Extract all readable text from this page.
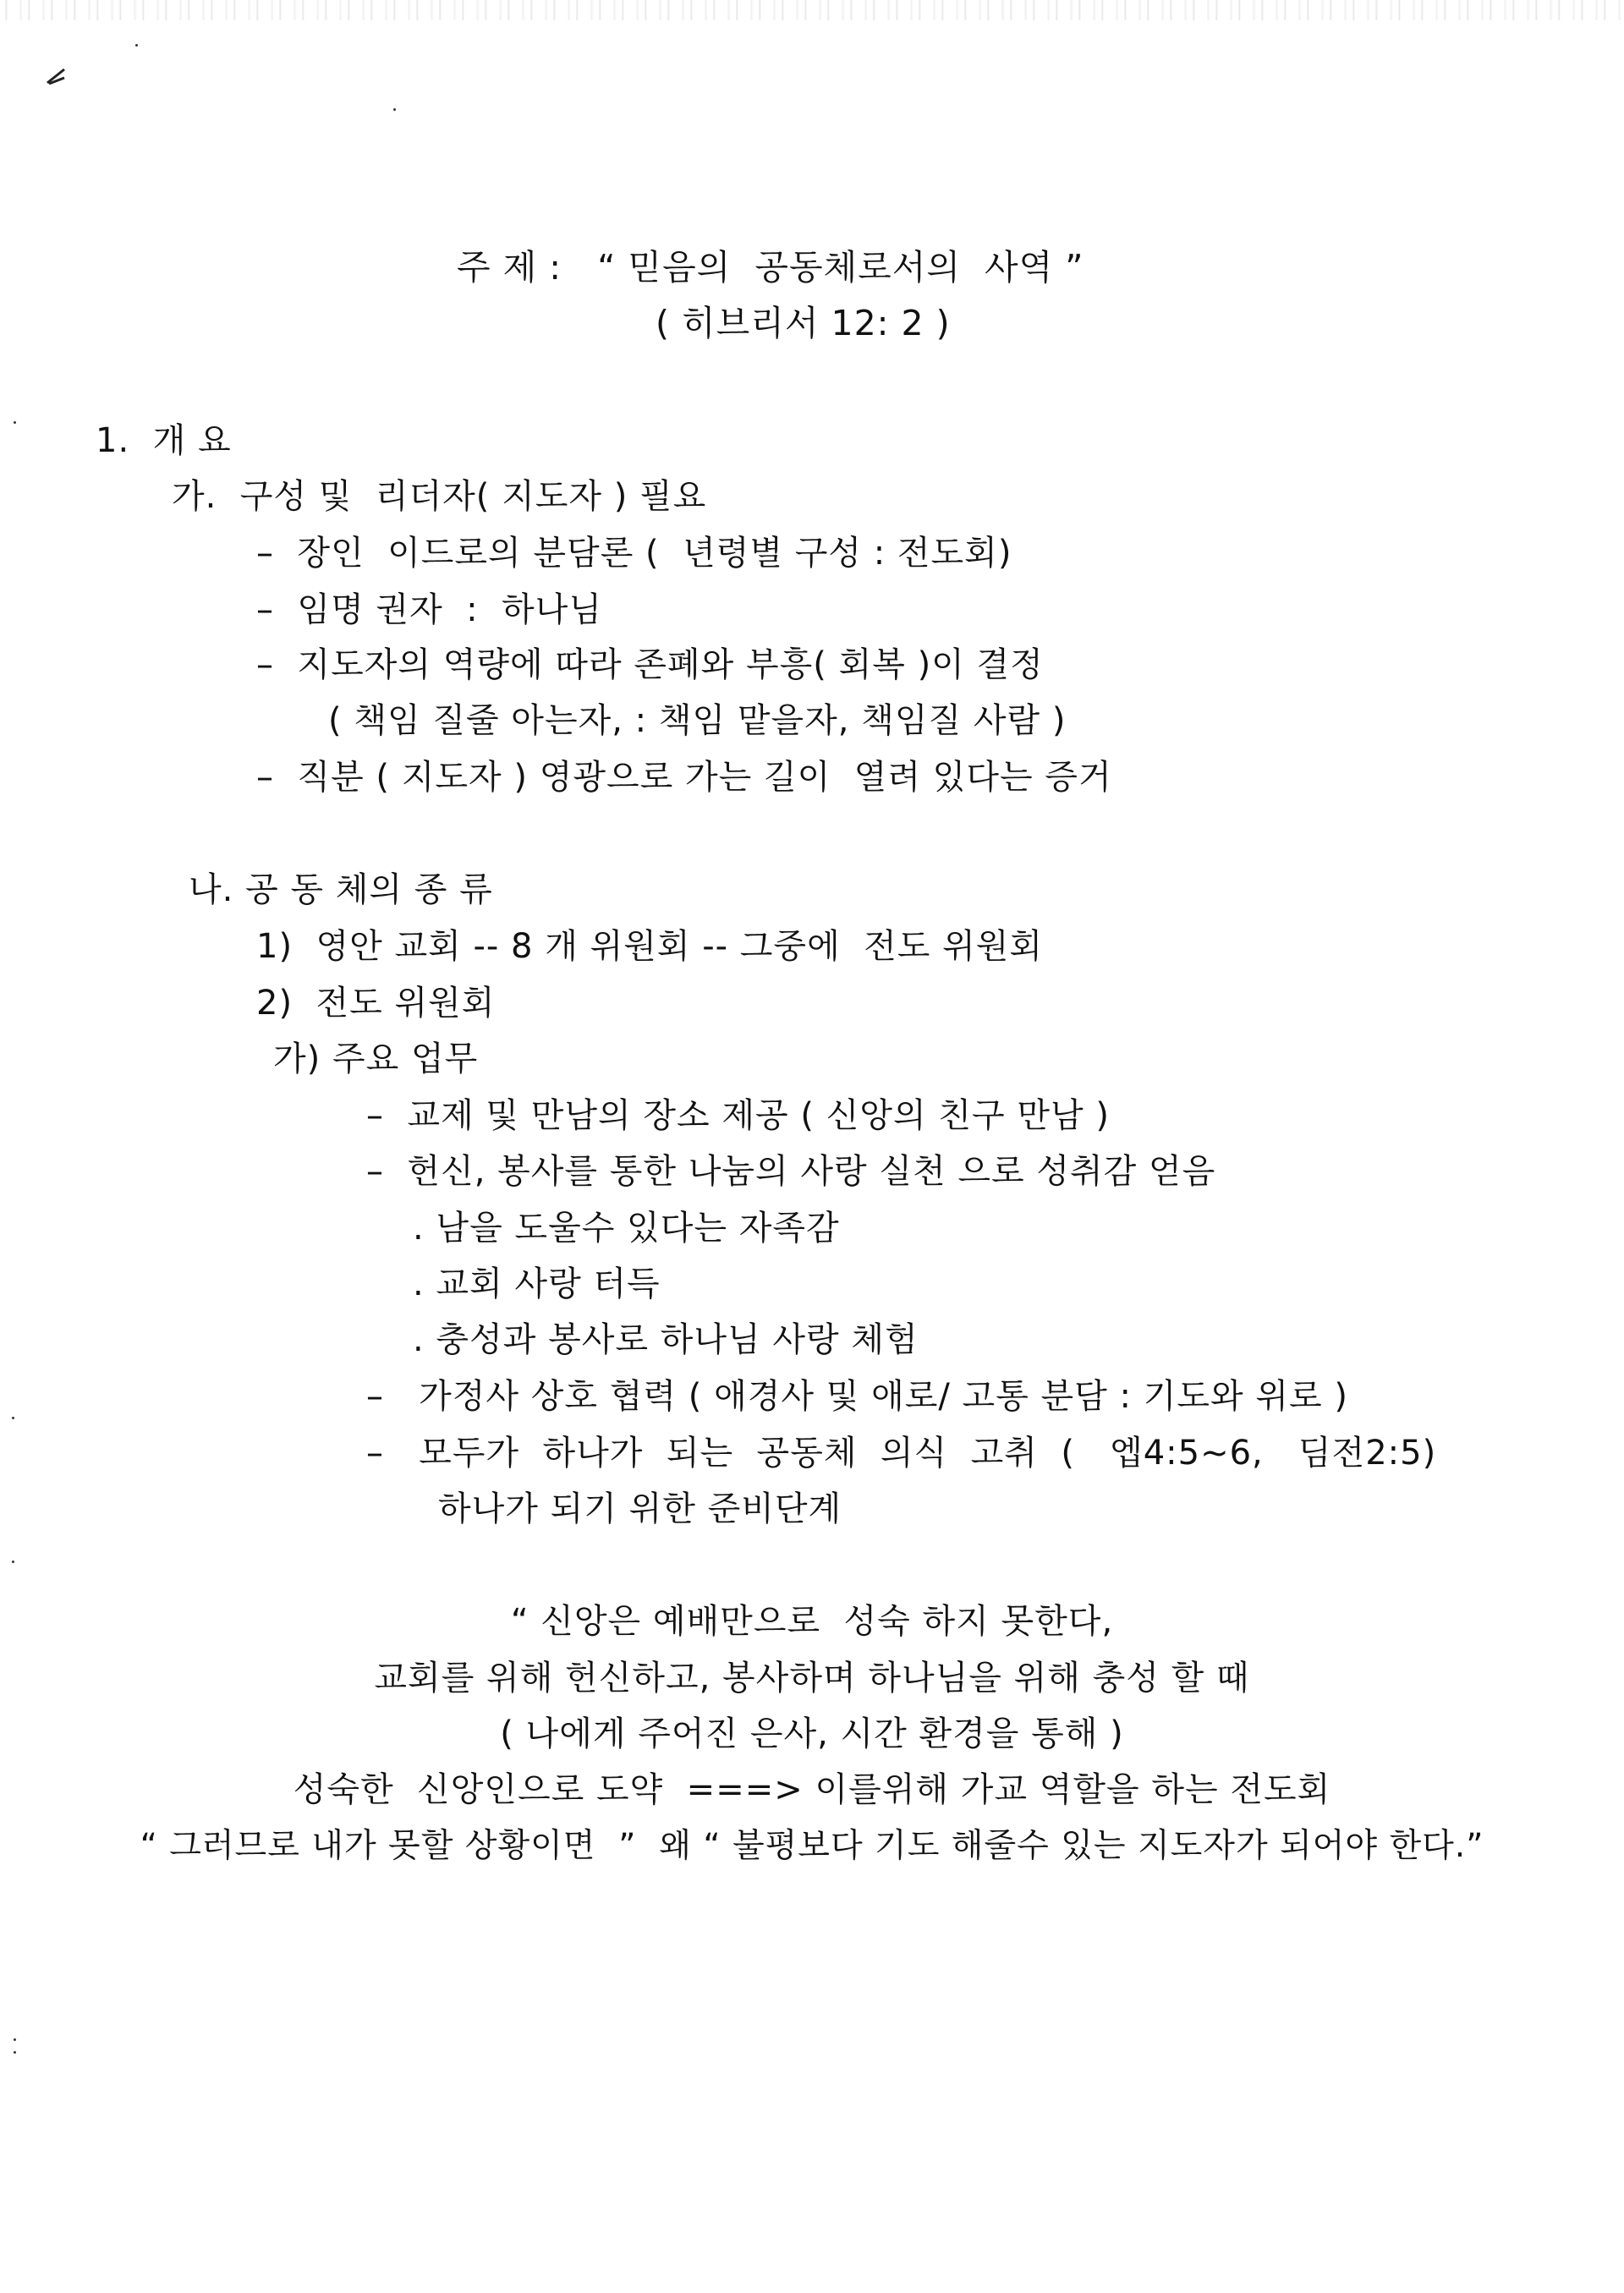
주 제 :   “ 믿음의  공동체로서의  사역 ”
( 히브리서 12: 2 )
1.  개 요
가.  구성 및  리더자( 지도자 ) 필요
–  장인  이드로의 분담론 (  년령별 구성 : 전도회)
–  임명 권자  :  하나님
–  지도자의 역량에 따라 존폐와 부흥( 회복 )이 결정
( 책임 질줄 아는자, : 책임 맡을자, 책임질 사람 )
–  직분 ( 지도자 ) 영광으로 가는 길이  열려 있다는 증거
나. 공 동 체의 종 류
1)  영안 교회 -- 8 개 위원회 -- 그중에  전도 위원회
2)  전도 위원회
가) 주요 업무
–  교제 및 만남의 장소 제공 ( 신앙의 친구 만남 )
–  헌신, 봉사를 통한 나눔의 사랑 실천 으로 성취감 얻음
. 남을 도울수 있다는 자족감
. 교회 사랑 터득
. 충성과 봉사로 하나님 사랑 체험
–   가정사 상호 협력 ( 애경사 및 애로/ 고통 분담 : 기도와 위로 )
–   모두가  하나가  되는  공동체  의식  고취  (   엡4:5~6,   딤전2:5)
하나가 되기 위한 준비단계
“ 신앙은 예배만으로  성숙 하지 못한다,
교회를 위해 헌신하고, 봉사하며 하나님을 위해 충성 할 때
( 나에게 주어진 은사, 시간 환경을 통해 )
성숙한  신앙인으로 도약  ===> 이를위해 가교 역할을 하는 전도회
“ 그러므로 내가 못할 상황이면  ”  왜 “ 불평보다 기도 해줄수 있는 지도자가 되어야 한다.”
